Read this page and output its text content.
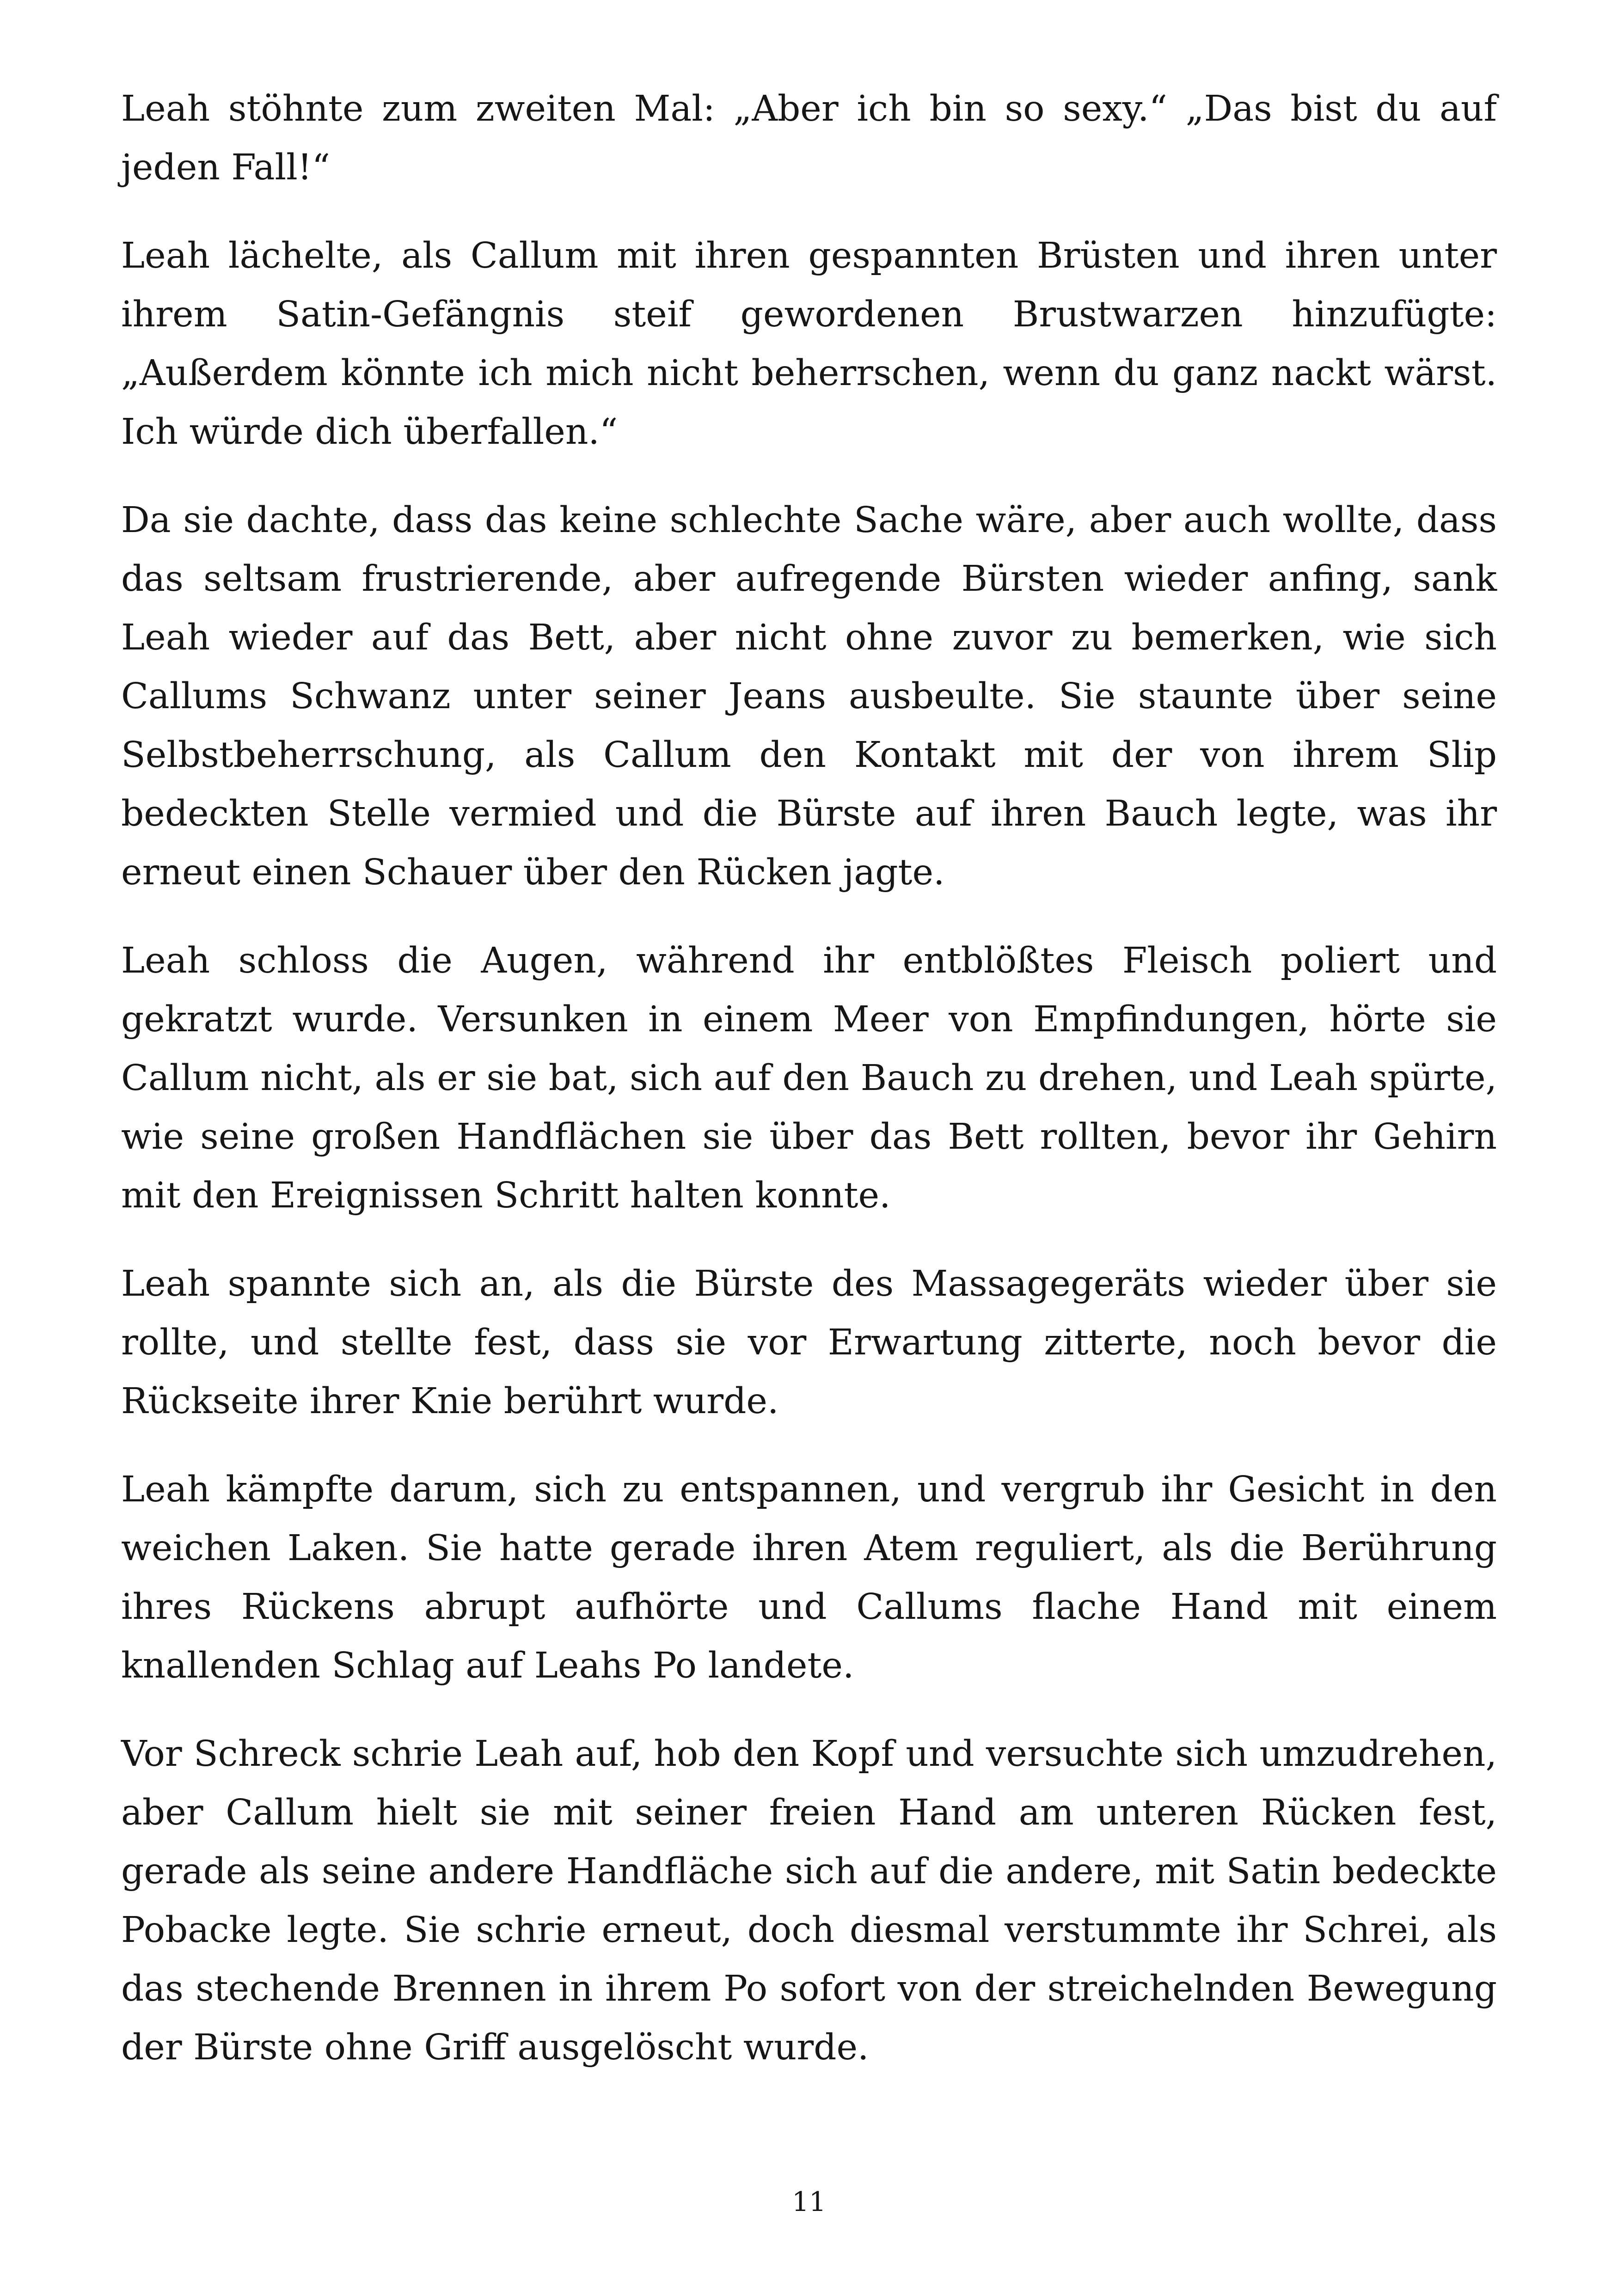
Leah stöhnte zum zweiten Mal: „Aber ich bin so sexy.“ „Das bist du auf jeden Fall!“

Leah lächelte, als Callum mit ihren gespannten Brüsten und ihren unter ihrem Satin-Gefängnis steif gewordenen Brustwarzen hinzufügte: „Außerdem könnte ich mich nicht beherrschen, wenn du ganz nackt wärst. Ich würde dich überfallen.“

Da sie dachte, dass das keine schlechte Sache wäre, aber auch wollte, dass das seltsam frustrierende, aber aufregende Bürsten wieder anfing, sank Leah wieder auf das Bett, aber nicht ohne zuvor zu bemerken, wie sich Callums Schwanz unter seiner Jeans ausbeulte. Sie staunte über seine Selbstbeherrschung, als Callum den Kontakt mit der von ihrem Slip bedeckten Stelle vermied und die Bürste auf ihren Bauch legte, was ihr erneut einen Schauer über den Rücken jagte.

Leah schloss die Augen, während ihr entblößtes Fleisch poliert und gekratzt wurde. Versunken in einem Meer von Empfindungen, hörte sie Callum nicht, als er sie bat, sich auf den Bauch zu drehen, und Leah spürte, wie seine großen Handflächen sie über das Bett rollten, bevor ihr Gehirn mit den Ereignissen Schritt halten konnte.

Leah spannte sich an, als die Bürste des Massagegeräts wieder über sie rollte, und stellte fest, dass sie vor Erwartung zitterte, noch bevor die Rückseite ihrer Knie berührt wurde.

Leah kämpfte darum, sich zu entspannen, und vergrub ihr Gesicht in den weichen Laken. Sie hatte gerade ihren Atem reguliert, als die Berührung ihres Rückens abrupt aufhörte und Callums flache Hand mit einem knallenden Schlag auf Leahs Po landete.

Vor Schreck schrie Leah auf, hob den Kopf und versuchte sich umzudrehen, aber Callum hielt sie mit seiner freien Hand am unteren Rücken fest, gerade als seine andere Handfläche sich auf die andere, mit Satin bedeckte Pobacke legte. Sie schrie erneut, doch diesmal verstummte ihr Schrei, als das stechende Brennen in ihrem Po sofort von der streichelnden Bewegung der Bürste ohne Griff ausgelöscht wurde.

11
